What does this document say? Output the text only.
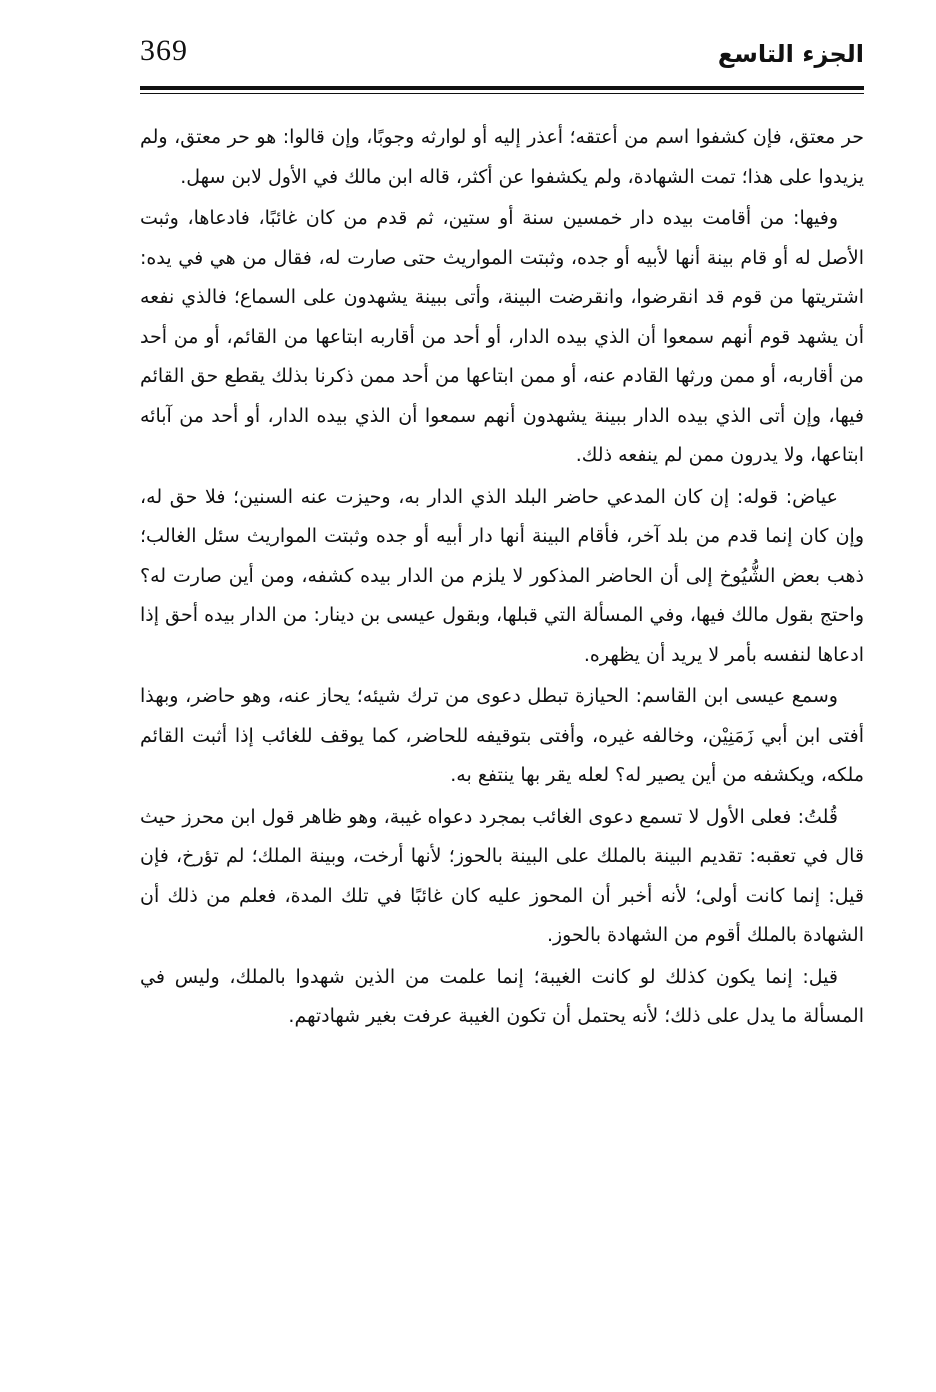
369	الجزء التاسع

حر معتق، فإن كشفوا اسم من أعتقه؛ أعذر إليه أو لوارثه وجوبًا، وإن قالوا: هو حر معتق، ولم يزيدوا على هذا؛ تمت الشهادة، ولم يكشفوا عن أكثر، قاله ابن مالك في الأول لابن سهل.

وفيها: من أقامت بيده دار خمسين سنة أو ستين، ثم قدم من كان غائبًا، فادعاها، وثبت الأصل له أو قام بينة أنها لأبيه أو جده، وثبتت المواريث حتى صارت له، فقال من هي في يده: اشتريتها من قوم قد انقرضوا، وانقرضت البينة، وأتى ببينة يشهدون على السماع؛ فالذي نفعه أن يشهد قوم أنهم سمعوا أن الذي بيده الدار، أو أحد من أقاربه ابتاعها من القائم، أو من أحد من أقاربه، أو ممن ورثها القادم عنه، أو ممن ابتاعها من أحد ممن ذكرنا بذلك يقطع حق القائم فيها، وإن أتى الذي بيده الدار ببينة يشهدون أنهم سمعوا أن الذي بيده الدار، أو أحد من آبائه ابتاعها، ولا يدرون ممن لم ينفعه ذلك.

عياض: قوله: إن كان المدعي حاضر البلد الذي الدار به، وحيزت عنه السنين؛ فلا حق له، وإن كان إنما قدم من بلد آخر، فأقام البينة أنها دار أبيه أو جده وثبتت المواريث سئل الغالب؛ ذهب بعض الشُّيُوخ إلى أن الحاضر المذكور لا يلزم من الدار بيده كشفه، ومن أين صارت له؟ واحتج بقول مالك فيها، وفي المسألة التي قبلها، وبقول عيسى بن دينار: من الدار بيده أحق إذا ادعاها لنفسه بأمر لا يريد أن يظهره.

وسمع عيسى ابن القاسم: الحيازة تبطل دعوى من ترك شيئه؛ يحاز عنه، وهو حاضر، وبهذا أفتى ابن أبي زَمَنِيْن، وخالفه غيره، وأفتى بتوقيفه للحاضر، كما يوقف للغائب إذا أثبت القائم ملكه، ويكشفه من أين يصير له؟ لعله يقر بها ينتفع به.

قُلتُ: فعلى الأول لا تسمع دعوى الغائب بمجرد دعواه غيبة، وهو ظاهر قول ابن محرز حيث قال في تعقبه: تقديم البينة بالملك على البينة بالحوز؛ لأنها أرخت، وبينة الملك؛ لم تؤرخ، فإن قيل: إنما كانت أولى؛ لأنه أخبر أن المحوز عليه كان غائبًا في تلك المدة، فعلم من ذلك أن الشهادة بالملك أقوم من الشهادة بالحوز.

قيل: إنما يكون كذلك لو كانت الغيبة؛ إنما علمت من الذين شهدوا بالملك، وليس في المسألة ما يدل على ذلك؛ لأنه يحتمل أن تكون الغيبة عرفت بغير شهادتهم.
